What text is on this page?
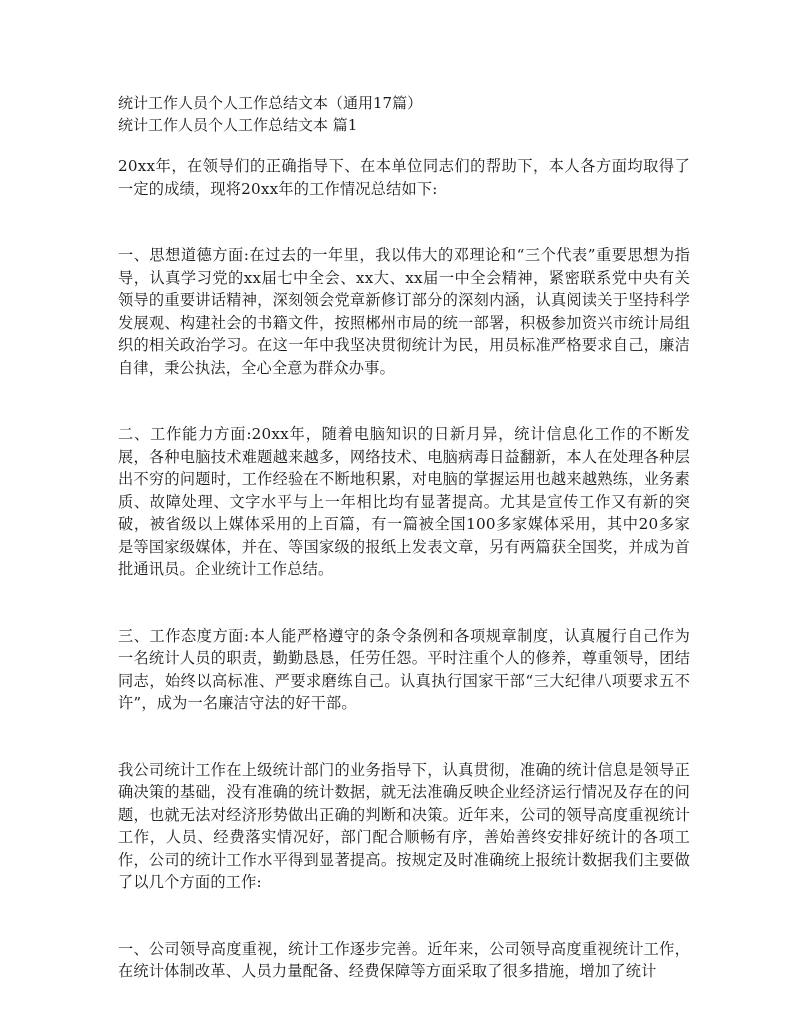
统计工作人员个人工作总结文本（通用17篇）

统计工作人员个人工作总结文本 篇1

20xx年，在领导们的正确指导下、在本单位同志们的帮助下，本人各方面均取得了一定的成绩，现将20xx年的工作情况总结如下:

一、思想道德方面:在过去的一年里，我以伟大的邓理论和“三个代表”重要思想为指导，认真学习党的xx届七中全会、xx大、xx届一中全会精神，紧密联系党中央有关领导的重要讲话精神，深刻领会党章新修订部分的深刻内涵，认真阅读关于坚持科学发展观、构建社会的书籍文件，按照郴州市局的统一部署，积极参加资兴市统计局组织的相关政治学习。在这一年中我坚决贯彻统计为民，用员标准严格要求自己，廉洁自律，秉公执法，全心全意为群众办事。

二、工作能力方面:20xx年，随着电脑知识的日新月异，统计信息化工作的不断发展，各种电脑技术难题越来越多，网络技术、电脑病毒日益翻新，本人在处理各种层出不穷的问题时，工作经验在不断地积累，对电脑的掌握运用也越来越熟练，业务素质、故障处理、文字水平与上一年相比均有显著提高。尤其是宣传工作又有新的突破，被省级以上媒体采用的上百篇，有一篇被全国100多家媒体采用，其中20多家是等国家级媒体，并在、等国家级的报纸上发表文章，另有两篇获全国奖，并成为首批通讯员。企业统计工作总结。

三、工作态度方面:本人能严格遵守的条令条例和各项规章制度，认真履行自己作为一名统计人员的职责，勤勤恳恳，任劳任怨。平时注重个人的修养，尊重领导，团结同志，始终以高标准、严要求磨练自己。认真执行国家干部“三大纪律八项要求五不许”，成为一名廉洁守法的好干部。

我公司统计工作在上级统计部门的业务指导下，认真贯彻，准确的统计信息是领导正确决策的基础，没有准确的统计数据，就无法准确反映企业经济运行情况及存在的问题，也就无法对经济形势做出正确的判断和决策。近年来，公司的领导高度重视统计工作，人员、经费落实情况好，部门配合顺畅有序，善始善终安排好统计的各项工作，公司的统计工作水平得到显著提高。按规定及时准确统上报统计数据我们主要做了以几个方面的工作:

一、公司领导高度重视，统计工作逐步完善。近年来，公司领导高度重视统计工作，在统计体制改革、人员力量配备、经费保障等方面采取了很多措施，增加了统计
